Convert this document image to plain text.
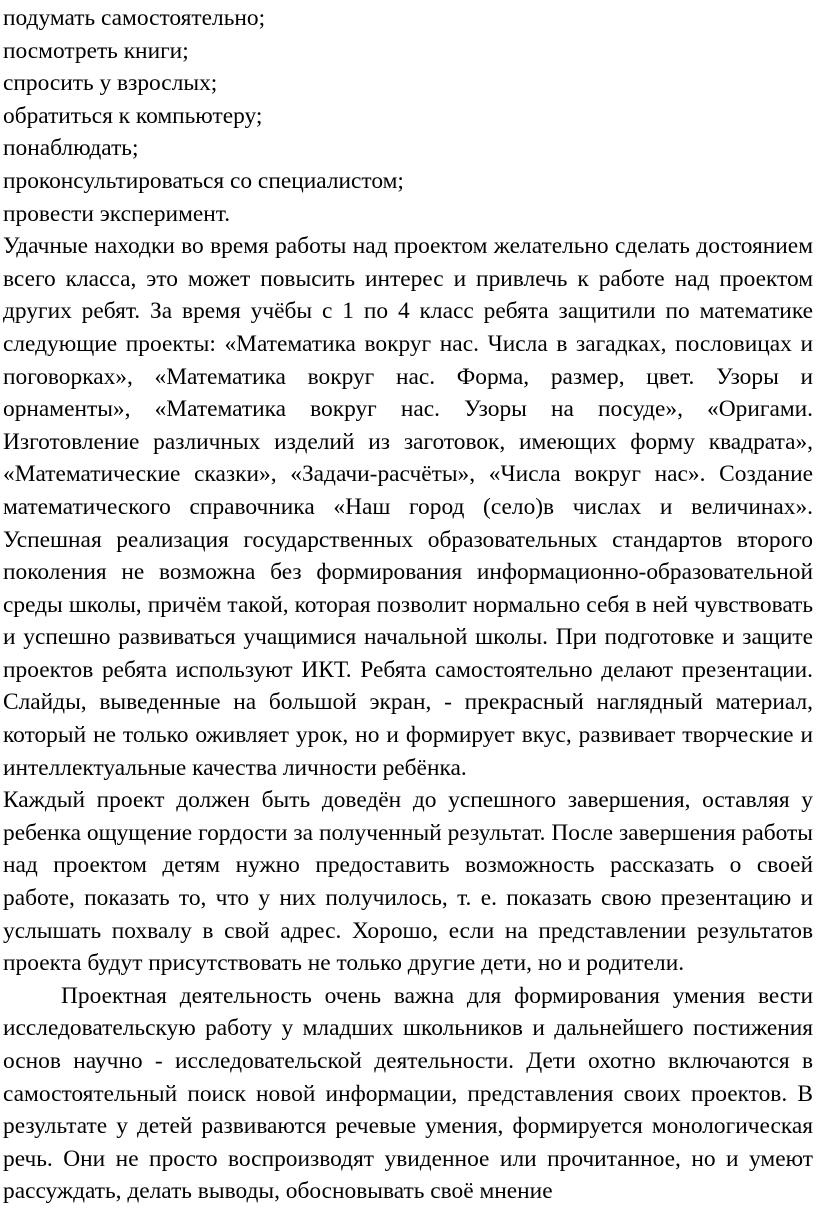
подумать самостоятельно;

посмотреть книги;

спросить у взрослых;

обратиться к компьютеру;

понаблюдать;

проконсультироваться со специалистом;

провести эксперимент.

Удачные находки во время работы над проектом желательно сделать достоянием всего класса, это может повысить интерес и привлечь к работе над проектом других ребят. За время учёбы с 1 по 4 класс ребята защитили по математике следующие проекты: «Математика вокруг нас. Числа в загадках, пословицах и поговорках», «Математика вокруг нас. Форма, размер, цвет. Узоры и орнаменты», «Математика вокруг нас. Узоры на посуде», «Оригами. Изготовление различных изделий из заготовок, имеющих форму квадрата», «Математические сказки», «Задачи-расчёты», «Числа вокруг нас». Создание математического справочника «Наш город (село)в числах и величинах». Успешная реализация государственных образовательных стандартов второго поколения не возможна без формирования информационно-образовательной среды школы, причём такой, которая позволит нормально себя в ней чувствовать и успешно развиваться учащимися начальной школы. При подготовке и защите проектов ребята используют ИКТ. Ребята самостоятельно делают презентации. Слайды, выведенные на большой экран, - прекрасный наглядный материал, который не только оживляет урок, но и формирует вкус, развивает творческие и интеллектуальные качества личности ребёнка.

Каждый проект должен быть доведён до успешного завершения, оставляя у ребенка ощущение гордости за полученный результат. После завершения работы над проектом детям нужно предоставить возможность рассказать о своей работе, показать то, что у них получилось, т. е. показать свою презентацию и услышать похвалу в свой адрес. Хорошо, если на представлении результатов проекта будут присутствовать не только другие дети, но и родители.

Проектная деятельность очень важна для формирования умения вести исследовательскую работу у младших школьников и дальнейшего постижения основ научно - исследовательской деятельности. Дети охотно включаются в самостоятельный поиск новой информации, представления своих проектов. В результате у детей развиваются речевые умения, формируется монологическая речь. Они не просто воспроизводят увиденное или прочитанное, но и умеют рассуждать, делать выводы, обосновывать своё мнение
